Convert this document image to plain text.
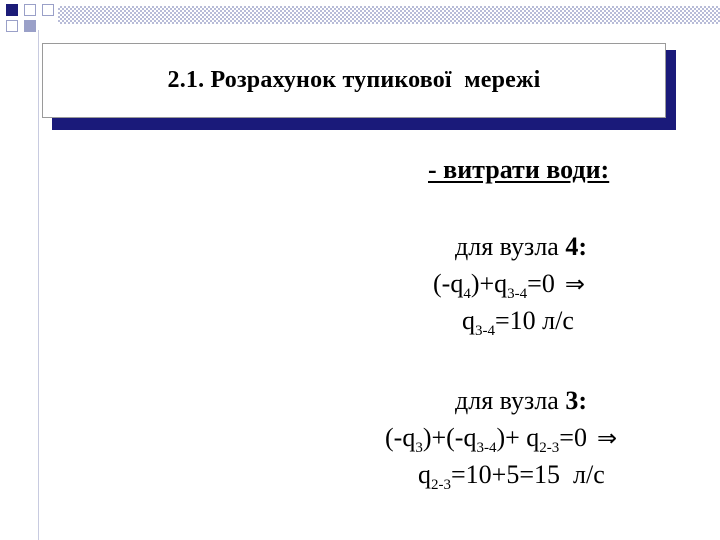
2.1. Розрахунок тупикової  мережі
- витрати води:
для вузла 4:
$(-q_4)+q_{3-4}=0$ ⇒
$q_{3-4}=10$ л/с
для вузла 3:
$(-q_3)+(-q_{3-4})+ q_{2-3}=0$ ⇒
$q_{2-3}=10+5=15$  л/с
